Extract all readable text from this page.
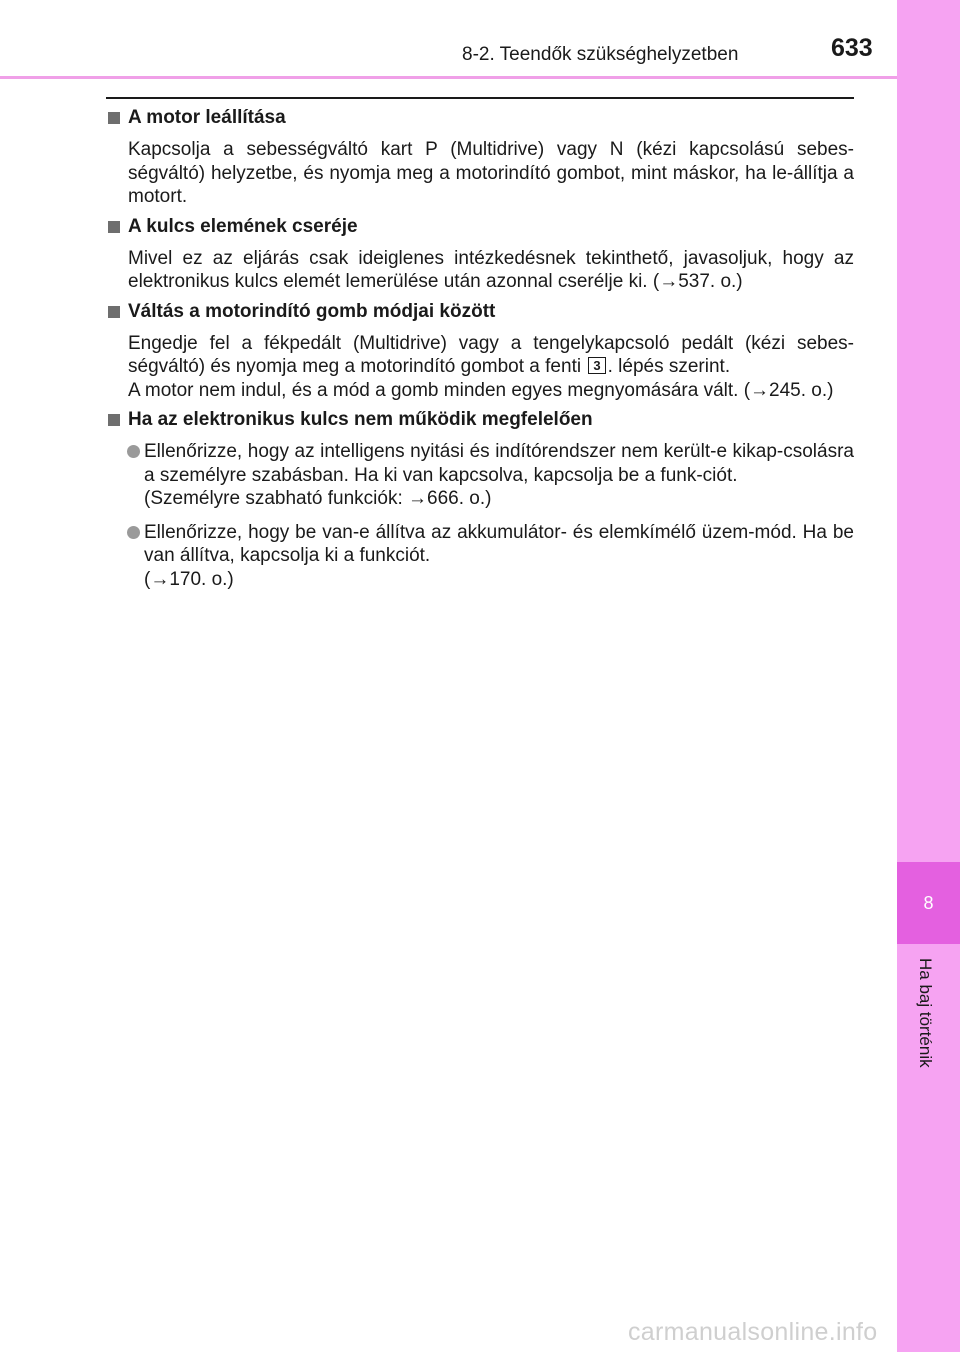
8-2. Teendők szükséghelyzetben	633
8
Ha baj történik
A motor leállítása

Kapcsolja a sebességváltó kart P (Multidrive) vagy N (kézi kapcsolású sebes-ségváltó) helyzetbe, és nyomja meg a motorindító gombot, mint máskor, ha le-állítja a motort.

A kulcs elemének cseréje

Mivel ez az eljárás csak ideiglenes intézkedésnek tekinthető, javasoljuk, hogy az elektronikus kulcs elemét lemerülése után azonnal cserélje ki. (→537. o.)

Váltás a motorindító gomb módjai között

Engedje fel a fékpedált (Multidrive) vagy a tengelykapcsoló pedált (kézi sebes-ségváltó) és nyomja meg a motorindító gombot a fenti 3 . lépés szerint.

A motor nem indul, és a mód a gomb minden egyes megnyomására vált. (→245. o.)

Ha az elektronikus kulcs nem működik megfelelően

Ellenőrizze, hogy az intelligens nyitási és indítórendszer nem került-e kikap-csolásra a személyre szabásban. Ha ki van kapcsolva, kapcsolja be a funk-ciót.

(Személyre szabható funkciók: →666. o.)

Ellenőrizze, hogy be van-e állítva az akkumulátor- és elemkímélő üzem-mód. Ha be van állítva, kapcsolja ki a funkciót.

(→170. o.)

carmanualsonline.info
